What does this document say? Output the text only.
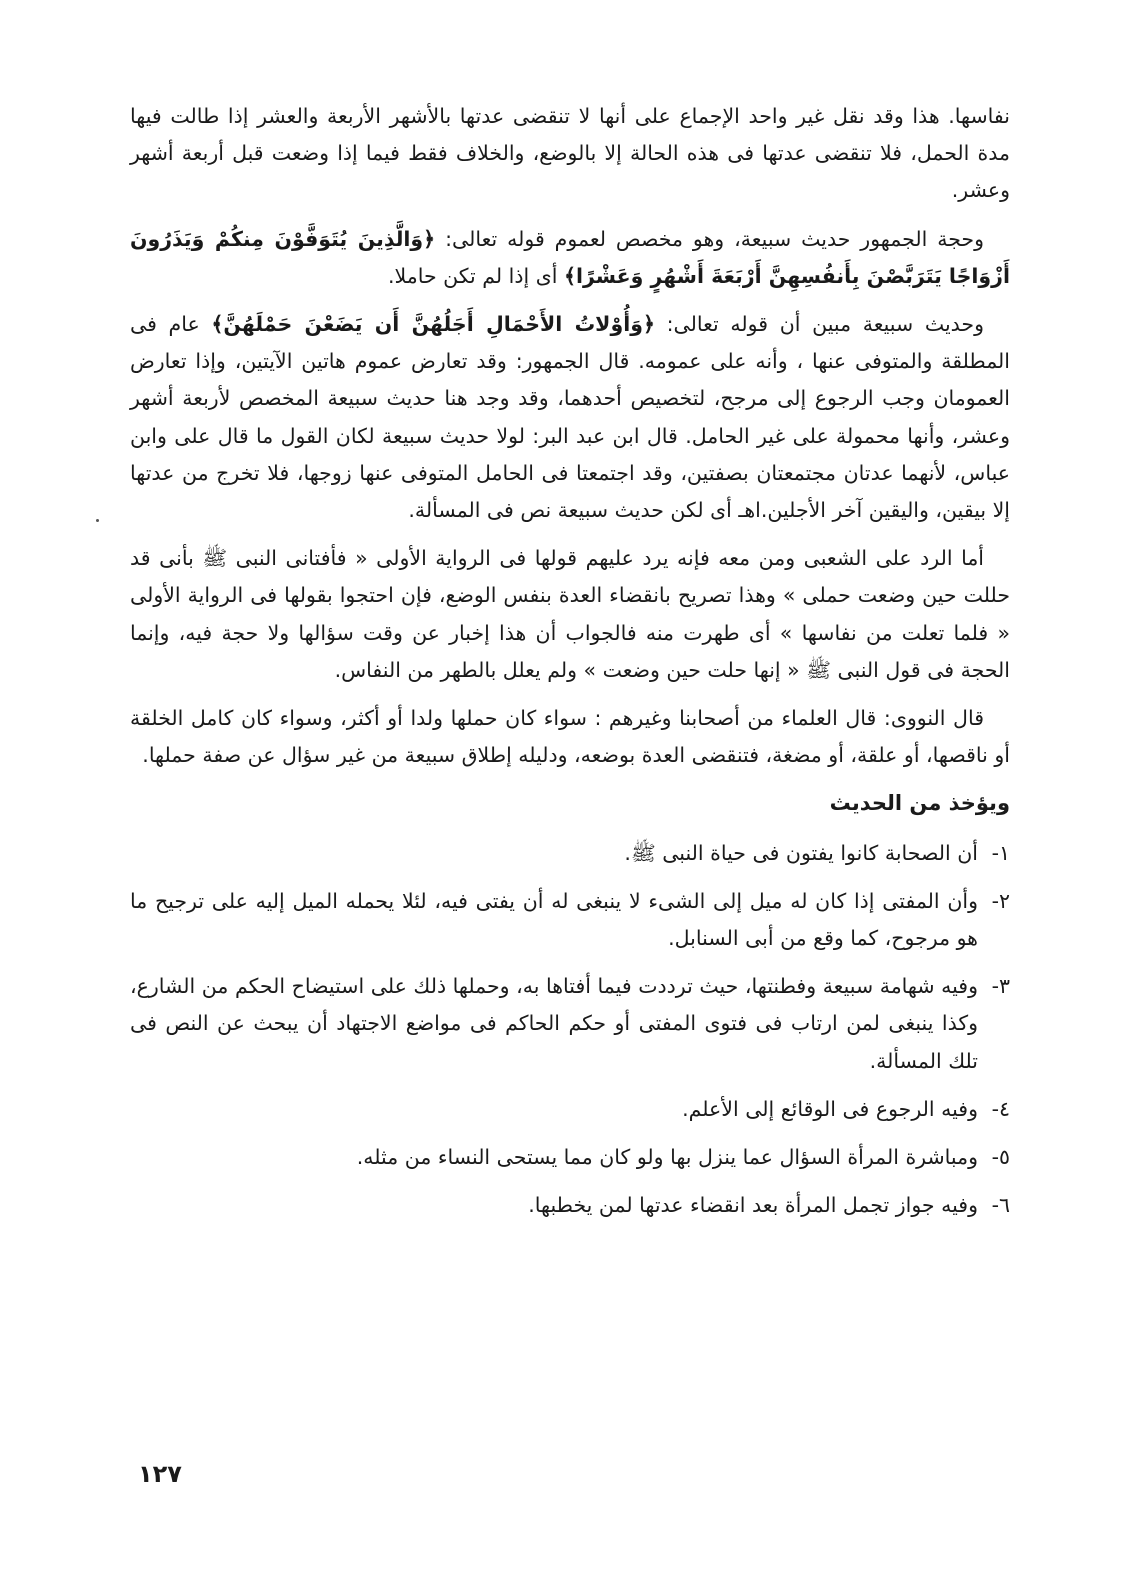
نفاسها. هذا وقد نقل غير واحد الإجماع على أنها لا تنقضى عدتها بالأشهر الأربعة والعشر إذا طالت فيها مدة الحمل، فلا تنقضى عدتها فى هذه الحالة إلا بالوضع، والخلاف فقط فيما إذا وضعت قبل أربعة أشهر وعشر.

وحجة الجمهور حديث سبيعة، وهو مخصص لعموم قوله تعالى: ﴿وَالَّذِينَ يُتَوَفَّوْنَ مِنكُمْ وَيَذَرُونَ أَزْوَاجًا يَتَرَبَّصْنَ بِأَنفُسِهِنَّ أَرْبَعَةَ أَشْهُرٍ وَعَشْرًا﴾ أى إذا لم تكن حاملا.

وحديث سبيعة مبين أن قوله تعالى: ﴿وَأُوْلاتُ الأَحْمَالِ أَجَلُهُنَّ أَن يَضَعْنَ حَمْلَهُنَّ﴾ عام فى المطلقة والمتوفى عنها ، وأنه على عمومه. قال الجمهور: وقد تعارض عموم هاتين الآيتين، وإذا تعارض العمومان وجب الرجوع إلى مرجح، لتخصيص أحدهما، وقد وجد هنا حديث سبيعة المخصص لأربعة أشهر وعشر، وأنها محمولة على غير الحامل. قال ابن عبد البر: لولا حديث سبيعة لكان القول ما قال على وابن عباس، لأنهما عدتان مجتمعتان بصفتين، وقد اجتمعتا فى الحامل المتوفى عنها زوجها، فلا تخرج من عدتها إلا بيقين، واليقين آخر الأجلين.اهـ أى لكن حديث سبيعة نص فى المسألة.

أما الرد على الشعبى ومن معه فإنه يرد عليهم قولها فى الرواية الأولى « فأفتانى النبى ﷺ بأنى قد حللت حين وضعت حملى » وهذا تصريح بانقضاء العدة بنفس الوضع، فإن احتجوا بقولها فى الرواية الأولى « فلما تعلت من نفاسها » أى طهرت منه فالجواب أن هذا إخبار عن وقت سؤالها ولا حجة فيه، وإنما الحجة فى قول النبى ﷺ « إنها حلت حين وضعت » ولم يعلل بالطهر من النفاس.

قال النووى: قال العلماء من أصحابنا وغيرهم : سواء كان حملها ولدا أو أكثر، وسواء كان كامل الخلقة أو ناقصها، أو علقة، أو مضغة، فتنقضى العدة بوضعه، ودليله إطلاق سبيعة من غير سؤال عن صفة حملها.

ويؤخذ من الحديث
١-
أن الصحابة كانوا يفتون فى حياة النبى ﷺ.
٢-
وأن المفتى إذا كان له ميل إلى الشىء لا ينبغى له أن يفتى فيه، لئلا يحمله الميل إليه على ترجيح ما هو مرجوح، كما وقع من أبى السنابل.
٣-
وفيه شهامة سبيعة وفطنتها، حيث ترددت فيما أفتاها به، وحملها ذلك على استيضاح الحكم من الشارع، وكذا ينبغى لمن ارتاب فى فتوى المفتى أو حكم الحاكم فى مواضع الاجتهاد أن يبحث عن النص فى تلك المسألة.
٤-
وفيه الرجوع فى الوقائع إلى الأعلم.
٥-
ومباشرة المرأة السؤال عما ينزل بها ولو كان مما يستحى النساء من مثله.
٦-
وفيه جواز تجمل المرأة بعد انقضاء عدتها لمن يخطبها.
١٢٧
